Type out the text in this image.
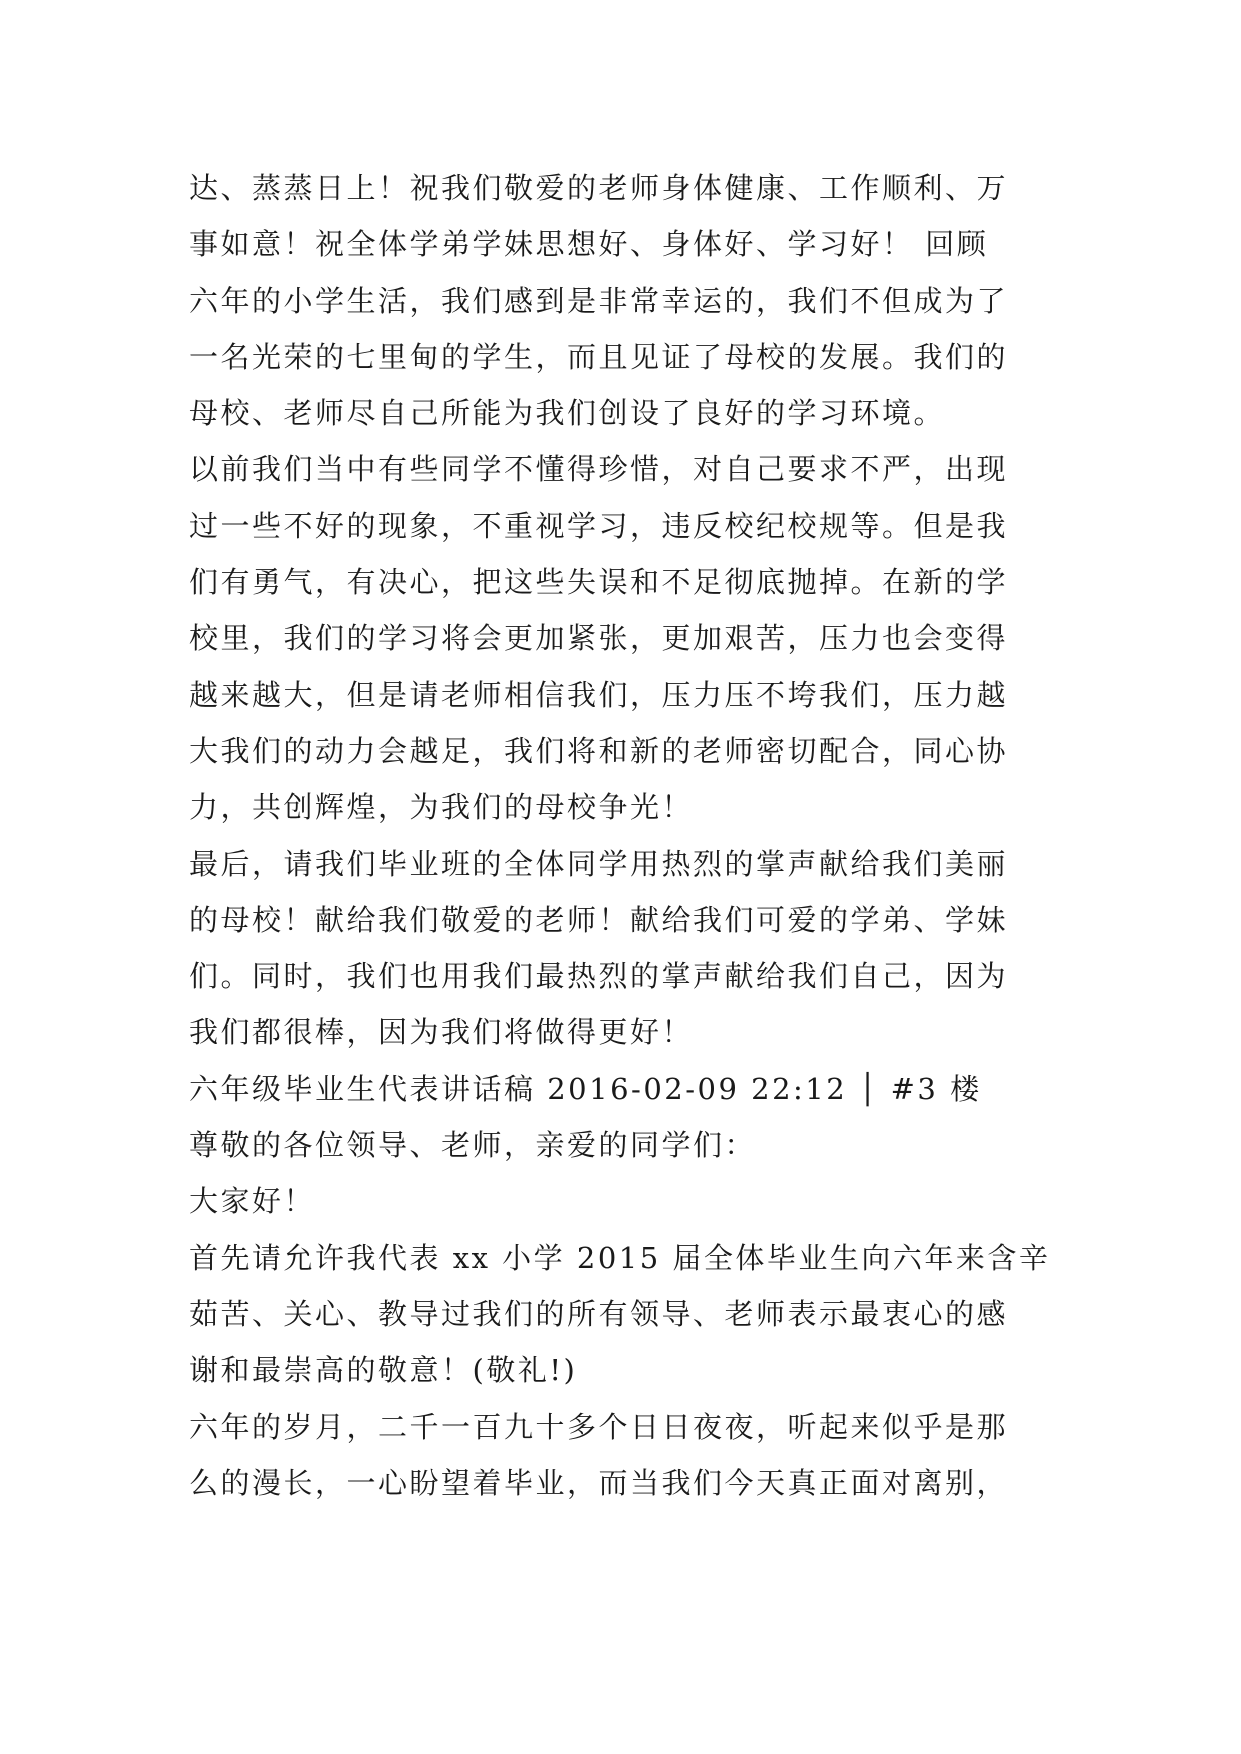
达、蒸蒸日上！祝我们敬爱的老师身体健康、工作顺利、万
事如意！祝全体学弟学妹思想好、身体好、学习好！ 回顾
六年的小学生活，我们感到是非常幸运的，我们不但成为了
一名光荣的七里甸的学生，而且见证了母校的发展。我们的
母校、老师尽自己所能为我们创设了良好的学习环境。
以前我们当中有些同学不懂得珍惜，对自己要求不严，出现
过一些不好的现象，不重视学习，违反校纪校规等。但是我
们有勇气，有决心，把这些失误和不足彻底抛掉。在新的学
校里，我们的学习将会更加紧张，更加艰苦，压力也会变得
越来越大，但是请老师相信我们，压力压不垮我们，压力越
大我们的动力会越足，我们将和新的老师密切配合，同心协
力，共创辉煌，为我们的母校争光！
最后，请我们毕业班的全体同学用热烈的掌声献给我们美丽
的母校！献给我们敬爱的老师！献给我们可爱的学弟、学妹
们。同时，我们也用我们最热烈的掌声献给我们自己，因为
我们都很棒，因为我们将做得更好！
六年级毕业生代表讲话稿 2016-02-09 22:12 │ #3 楼
尊敬的各位领导、老师，亲爱的同学们：
大家好！
首先请允许我代表 xx 小学 2015 届全体毕业生向六年来含辛
茹苦、关心、教导过我们的所有领导、老师表示最衷心的感
谢和最崇高的敬意！(敬礼!)
六年的岁月，二千一百九十多个日日夜夜，听起来似乎是那
么的漫长，一心盼望着毕业，而当我们今天真正面对离别，
